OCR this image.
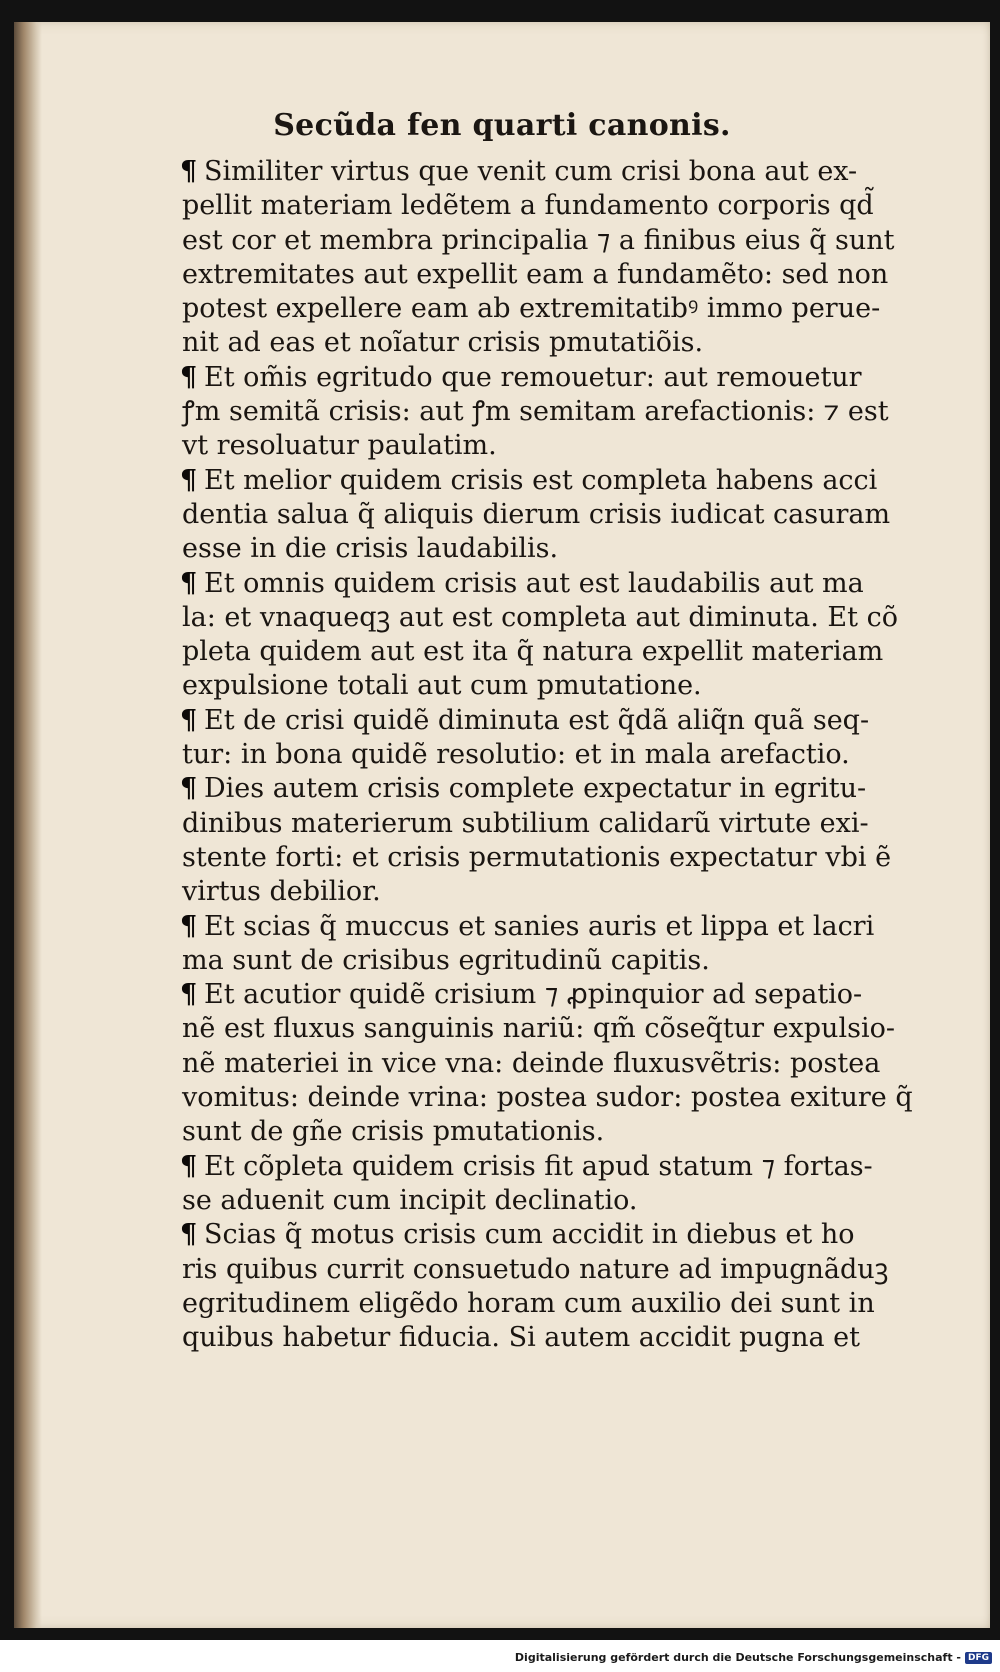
Secũda fen quarti canonis.
¶ Similiter virtus que venit cum crisi bona aut ex-
pellit materiam ledẽtem a fundamento corporis qd̃
est cor et membra principalia ⁊ a finibus eius q̃ sunt
extremitates aut expellit eam a fundamẽto: sed non
potest expellere eam ab extremitatibꝰ immo perue-
nit ad eas et noĩatur crisis pmutatiõis.
¶ Et om̃is egritudo que remouetur: aut remouetur
ꝭm semitã crisis: aut ꝭm semitam arefactionis: ⁊ est
vt resoluatur paulatim.
¶ Et melior quidem crisis est completa habens acci
dentia salua q̃ aliquis dierum crisis iudicat casuram
esse in die crisis laudabilis.
¶ Et omnis quidem crisis aut est laudabilis aut ma
la: et vnaqueqꝫ aut est completa aut diminuta. Et cõ
pleta quidem aut est ita q̃ natura expellit materiam
expulsione totali aut cum pmutatione.
¶ Et de crisi quidẽ diminuta est q̃dã aliq̃n quã seq-
tur: in bona quidẽ resolutio: et in mala arefactio.
¶ Dies autem crisis complete expectatur in egritu-
dinibus materierum subtilium calidarũ virtute exi-
stente forti: et crisis permutationis expectatur vbi ẽ
virtus debilior.
¶ Et scias q̃ muccus et sanies auris et lippa et lacri
ma sunt de crisibus egritudinũ capitis.
¶ Et acutior quidẽ crisium ⁊ ꝓpinquior ad sepatio-
nẽ est fluxus sanguinis nariũ: qm̃ cõseq̃tur expulsio-
nẽ materiei in vice vna: deinde fluxusvẽtris: postea
vomitus: deinde vrina: postea sudor: postea exiture q̃
sunt de gñe crisis pmutationis.
¶ Et cõpleta quidem crisis fit apud statum ⁊ fortas-
se aduenit cum incipit declinatio.
¶ Scias q̃ motus crisis cum accidit in diebus et ho
ris quibus currit consuetudo nature ad impugnãduꝫ
egritudinem eligẽdo horam cum auxilio dei sunt in
quibus habetur fiducia. Si autem accidit pugna et
Digitalisierung gefördert durch die Deutsche Forschungsgemeinschaft - DFG
